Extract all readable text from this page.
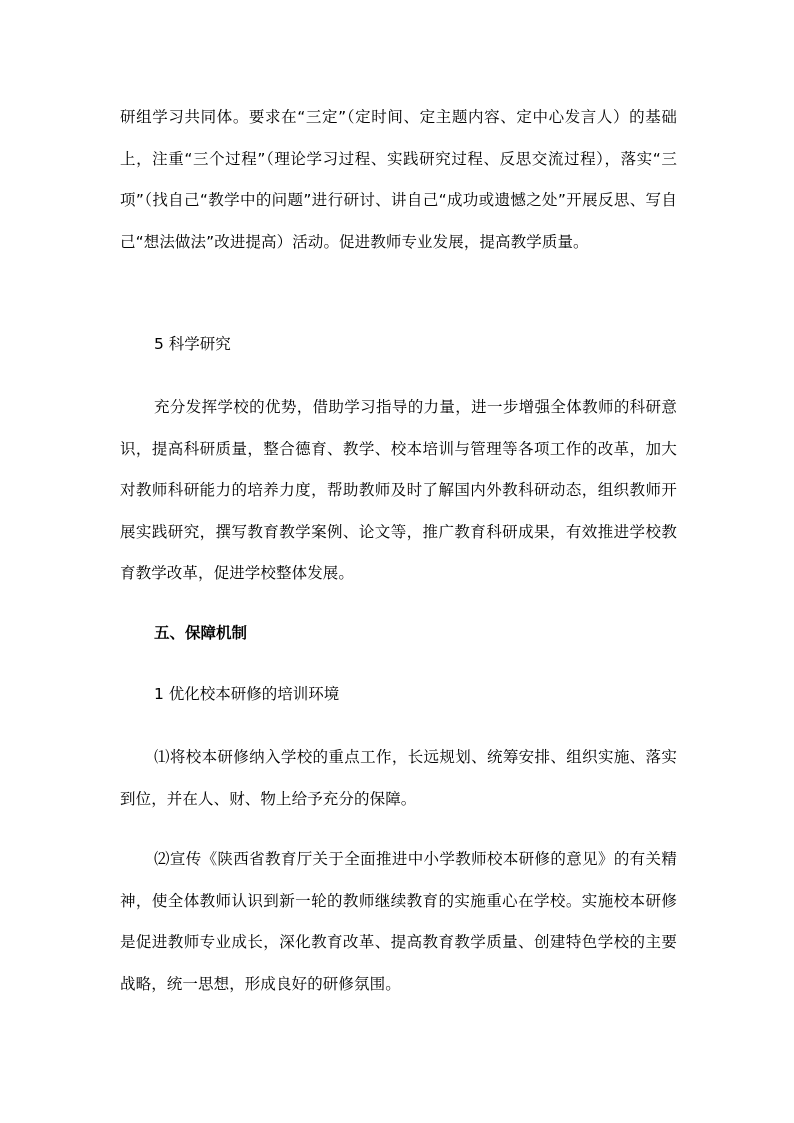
研组学习共同体。要求在“三定”（定时间、定主题内容、定中心发言人）的基础上，注重“三个过程”（理论学习过程、实践研究过程、反思交流过程），落实“三项”（找自己“教学中的问题”进行研讨、讲自己“成功或遗憾之处”开展反思、写自己“想法做法”改进提高）活动。促进教师专业发展，提高教学质量。

5 科学研究

充分发挥学校的优势，借助学习指导的力量，进一步增强全体教师的科研意识，提高科研质量，整合德育、教学、校本培训与管理等各项工作的改革，加大对教师科研能力的培养力度，帮助教师及时了解国内外教科研动态，组织教师开展实践研究，撰写教育教学案例、论文等，推广教育科研成果，有效推进学校教育教学改革，促进学校整体发展。

五、保障机制

1 优化校本研修的培训环境

⑴将校本研修纳入学校的重点工作，长远规划、统筹安排、组织实施、落实到位，并在人、财、物上给予充分的保障。

⑵宣传《陕西省教育厅关于全面推进中小学教师校本研修的意见》的有关精神，使全体教师认识到新一轮的教师继续教育的实施重心在学校。实施校本研修是促进教师专业成长，深化教育改革、提高教育教学质量、创建特色学校的主要战略，统一思想，形成良好的研修氛围。
